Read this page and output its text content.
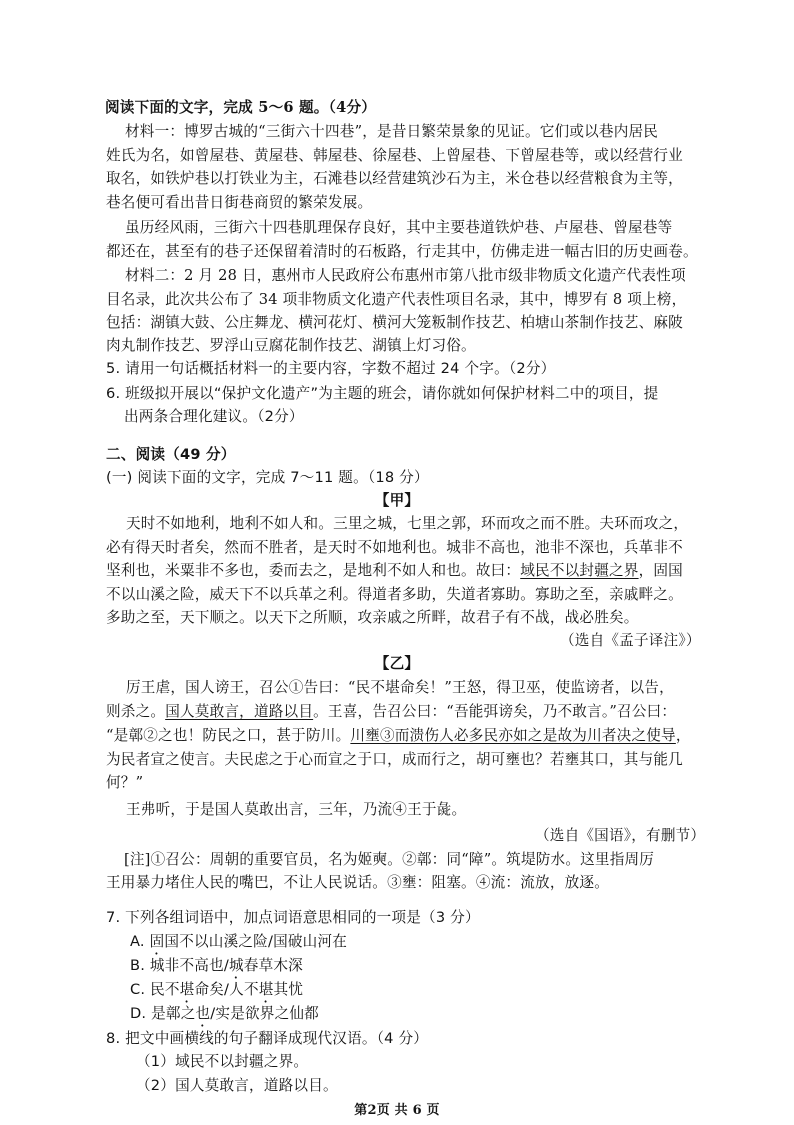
阅读下面的文字，完成 5～6 题。（4分）
材料一：博罗古城的“三街六十四巷”，是昔日繁荣景象的见证。它们或以巷内居民
姓氏为名，如曾屋巷、黄屋巷、韩屋巷、徐屋巷、上曾屋巷、下曾屋巷等，或以经营行业
取名，如铁炉巷以打铁业为主，石滩巷以经营建筑沙石为主，米仓巷以经营粮食为主等，
巷名便可看出昔日街巷商贸的繁荣发展。
虽历经风雨，三街六十四巷肌理保存良好，其中主要巷道铁炉巷、卢屋巷、曾屋巷等
都还在，甚至有的巷子还保留着清时的石板路，行走其中，仿佛走进一幅古旧的历史画卷。
材料二：2 月 28 日，惠州市人民政府公布惠州市第八批市级非物质文化遗产代表性项
目名录，此次共公布了 34 项非物质文化遗产代表性项目名录，其中，博罗有 8 项上榜，
包括：湖镇大鼓、公庄舞龙、横河花灯、横河大笼粄制作技艺、柏塘山茶制作技艺、麻陂
肉丸制作技艺、罗浮山豆腐花制作技艺、湖镇上灯习俗。
5. 请用一句话概括材料一的主要内容，字数不超过 24 个字。（2分）
6. 班级拟开展以“保护文化遗产”为主题的班会，请你就如何保护材料二中的项目，提
出两条合理化建议。（2分）
二、阅读（49 分）
(一) 阅读下面的文字，完成 7～11 题。（18 分）
【甲】
天时不如地利，地利不如人和。三里之城，七里之郭，环而攻之而不胜。夫环而攻之，
必有得天时者矣，然而不胜者，是天时不如地利也。城非不高也，池非不深也，兵革非不
坚利也，米粟非不多也，委而去之，是地利不如人和也。故曰：域民不以封疆之界，固国
不以山溪之险，威天下不以兵革之利。得道者多助，失道者寡助。寡助之至，亲戚畔之。
多助之至，天下顺之。以天下之所顺，攻亲戚之所畔，故君子有不战，战必胜矣。
（选自《孟子译注》）
【乙】
厉王虐，国人谤王，召公①告曰：“民不堪命矣！”王怒，得卫巫，使监谤者，以告，
则杀之。国人莫敢言，道路以目。王喜，告召公曰：“吾能弭谤矣，乃不敢言。”召公曰：
“是鄣②之也！防民之口，甚于防川。川壅③而溃伤人必多民亦如之是故为川者决之使导，
为民者宣之使言。夫民虑之于心而宣之于口，成而行之，胡可壅也？若壅其口，其与能几
何？”
王弗听，于是国人莫敢出言，三年，乃流④王于彘。
（选自《国语》，有删节）
[注]①召公：周朝的重要官员，名为姬奭。②鄣：同“障”。筑堤防水。这里指周厉
王用暴力堵住人民的嘴巴，不让人民说话。③壅：阻塞。④流：流放，放逐。
7. 下列各组词语中，加点词语意思相同的一项是（3 分）
A. 固国不以山溪之险/国破山河在
B. 城非不高也/城春草木深
C. 民不堪命矣/人不堪其忧
D. 是鄣之也/实是欲界之仙都
8. 把文中画横线的句子翻译成现代汉语。（4 分）
（1）域民不以封疆之界。
（2）国人莫敢言，道路以目。
第2页 共 6 页
